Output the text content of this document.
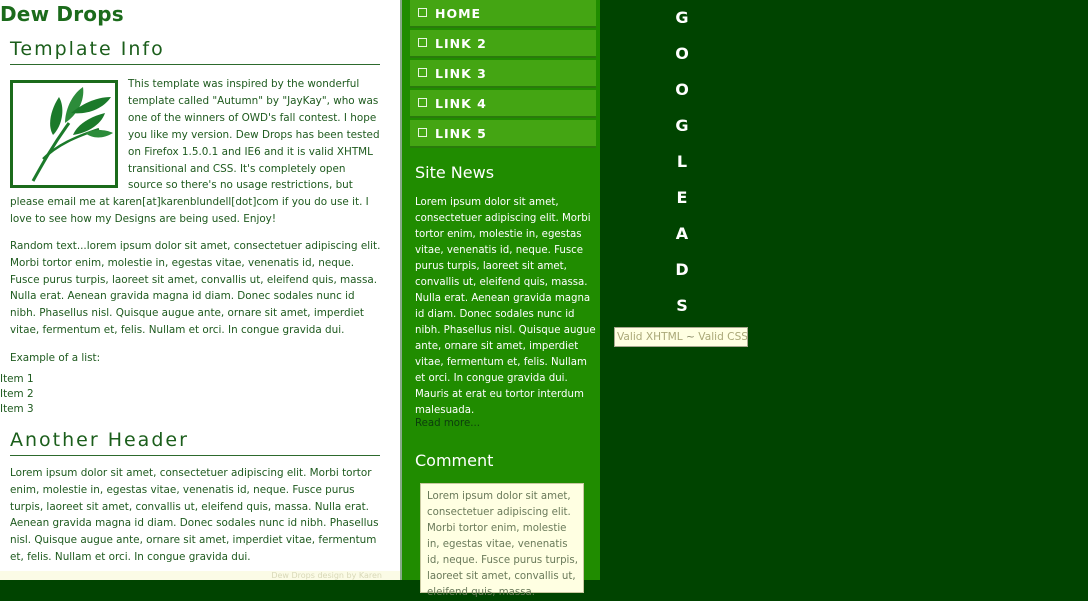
Dew Drops
Template Info

This template was inspired by the wonderful template called "Autumn" by "JayKay", who was one of the winners of OWD's fall contest. I hope you like my version. Dew Drops has been tested on Firefox 1.5.0.1 and IE6 and it is valid XHTML transitional and CSS. It's completely open source so there's no usage restrictions, but please email me at karen[at]karenblundell[dot]com if you do use it. I love to see how my Designs are being used. Enjoy!

Random text...lorem ipsum dolor sit amet, consectetuer adipiscing elit. Morbi tortor enim, molestie in, egestas vitae, venenatis id, neque. Fusce purus turpis, laoreet sit amet, convallis ut, eleifend quis, massa. Nulla erat. Aenean gravida magna id diam. Donec sodales nunc id nibh. Phasellus nisl. Quisque augue ante, ornare sit amet, imperdiet vitae, fermentum et, felis. Nullam et orci. In congue gravida dui.

Example of a list:
Item 1
Item 2
Item 3
Another Header

Lorem ipsum dolor sit amet, consectetuer adipiscing elit. Morbi tortor enim, molestie in, egestas vitae, venenatis id, neque. Fusce purus turpis, laoreet sit amet, convallis ut, eleifend quis, massa. Nulla erat. Aenean gravida magna id diam. Donec sodales nunc id nibh. Phasellus nisl. Quisque augue ante, ornare sit amet, imperdiet vitae, fermentum et, felis. Nullam et orci. In congue gravida dui.

Dew Drops design by Karen
HOME
LINK 2
LINK 3
LINK 4
LINK 5
Site News

Lorem ipsum dolor sit amet, consectetuer adipiscing elit. Morbi tortor enim, molestie in, egestas vitae, venenatis id, neque. Fusce purus turpis, laoreet sit amet, convallis ut, eleifend quis, massa. Nulla erat. Aenean gravida magna id diam. Donec sodales nunc id nibh. Phasellus nisl. Quisque augue ante, ornare sit amet, imperdiet vitae, fermentum et, felis. Nullam et orci. In congue gravida dui. Mauris at erat eu tortor interdum malesuada.

Read more...
Comment
Lorem ipsum dolor sit amet, consectetuer adipiscing elit. Morbi tortor enim, molestie in, egestas vitae, venenatis id, neque. Fusce purus turpis, laoreet sit amet, convallis ut, eleifend quis, massa.
G
O
O
G
L
E
A
D
S
Valid XHTML ~ Valid CSS
